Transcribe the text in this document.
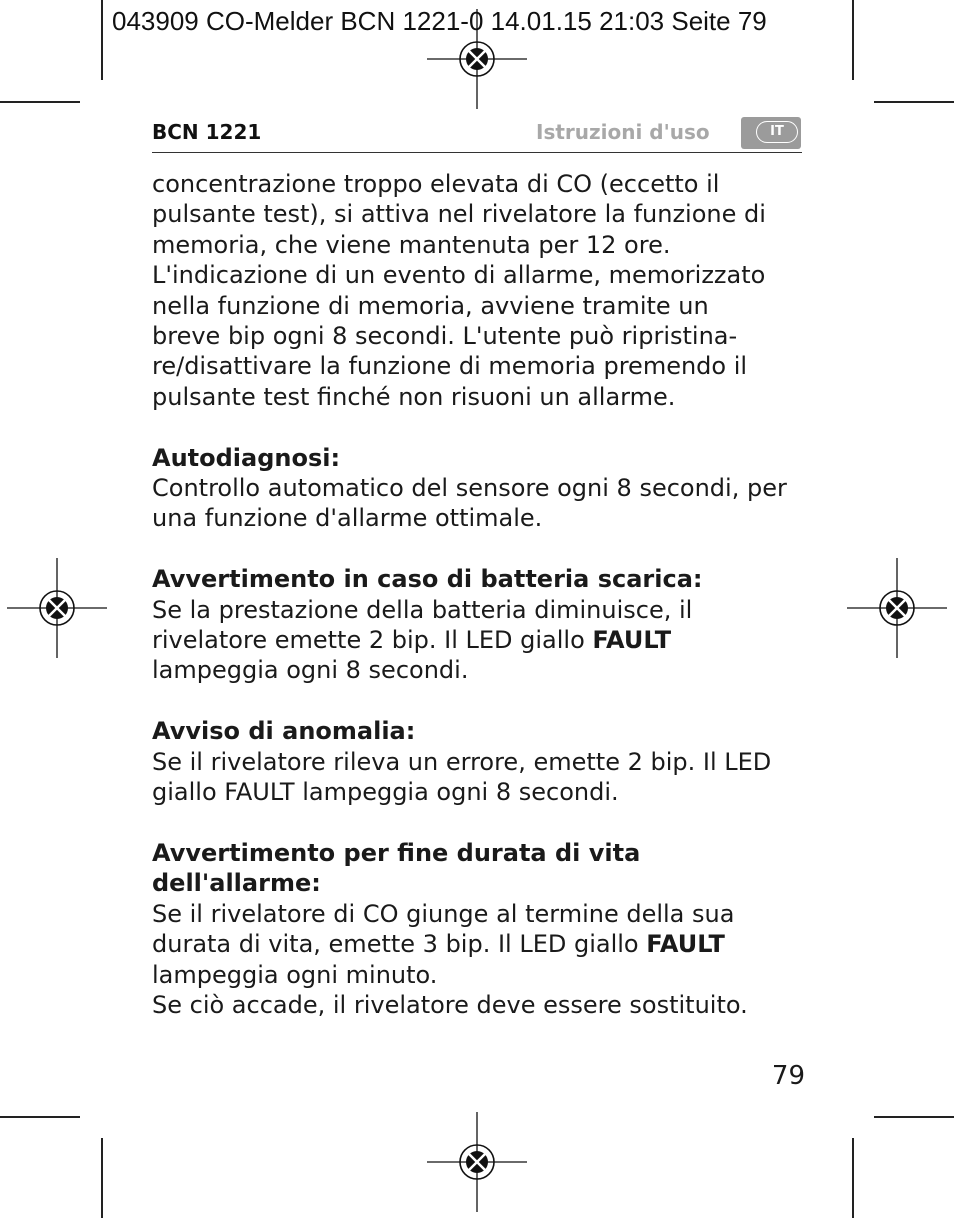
043909 CO-Melder BCN 1221-0 14.01.15 21:03 Seite 79
BCN 1221	Istruzioni d'uso	IT

concentrazione troppo elevata di CO (eccetto il pulsante test), si attiva nel rivelatore la funzione di memoria, che viene mantenuta per 12 ore.

L'indicazione di un evento di allarme, memorizzato
nella funzione di memoria, avviene tramite un
breve bip ogni 8 secondi. L'utente può ripristina-
re/disattivare la funzione di memoria premendo il
pulsante test finché non risuoni un allarme.

Autodiagnosi:

Controllo automatico del sensore ogni 8 secondi, per una funzione d'allarme ottimale.

Avvertimento in caso di batteria scarica:

Se la prestazione della batteria diminuisce, il
rivelatore emette 2 bip. Il LED giallo FAULT
lampeggia ogni 8 secondi.

Avviso di anomalia:

Se il rivelatore rileva un errore, emette 2 bip. Il LED giallo FAULT lampeggia ogni 8 secondi.

Avvertimento per fine durata di vita dell'allarme:

Se il rivelatore di CO giunge al termine della sua
durata di vita, emette 3 bip. Il LED giallo FAULT
lampeggia ogni minuto.
Se ciò accade, il rivelatore deve essere sostituito.

79
